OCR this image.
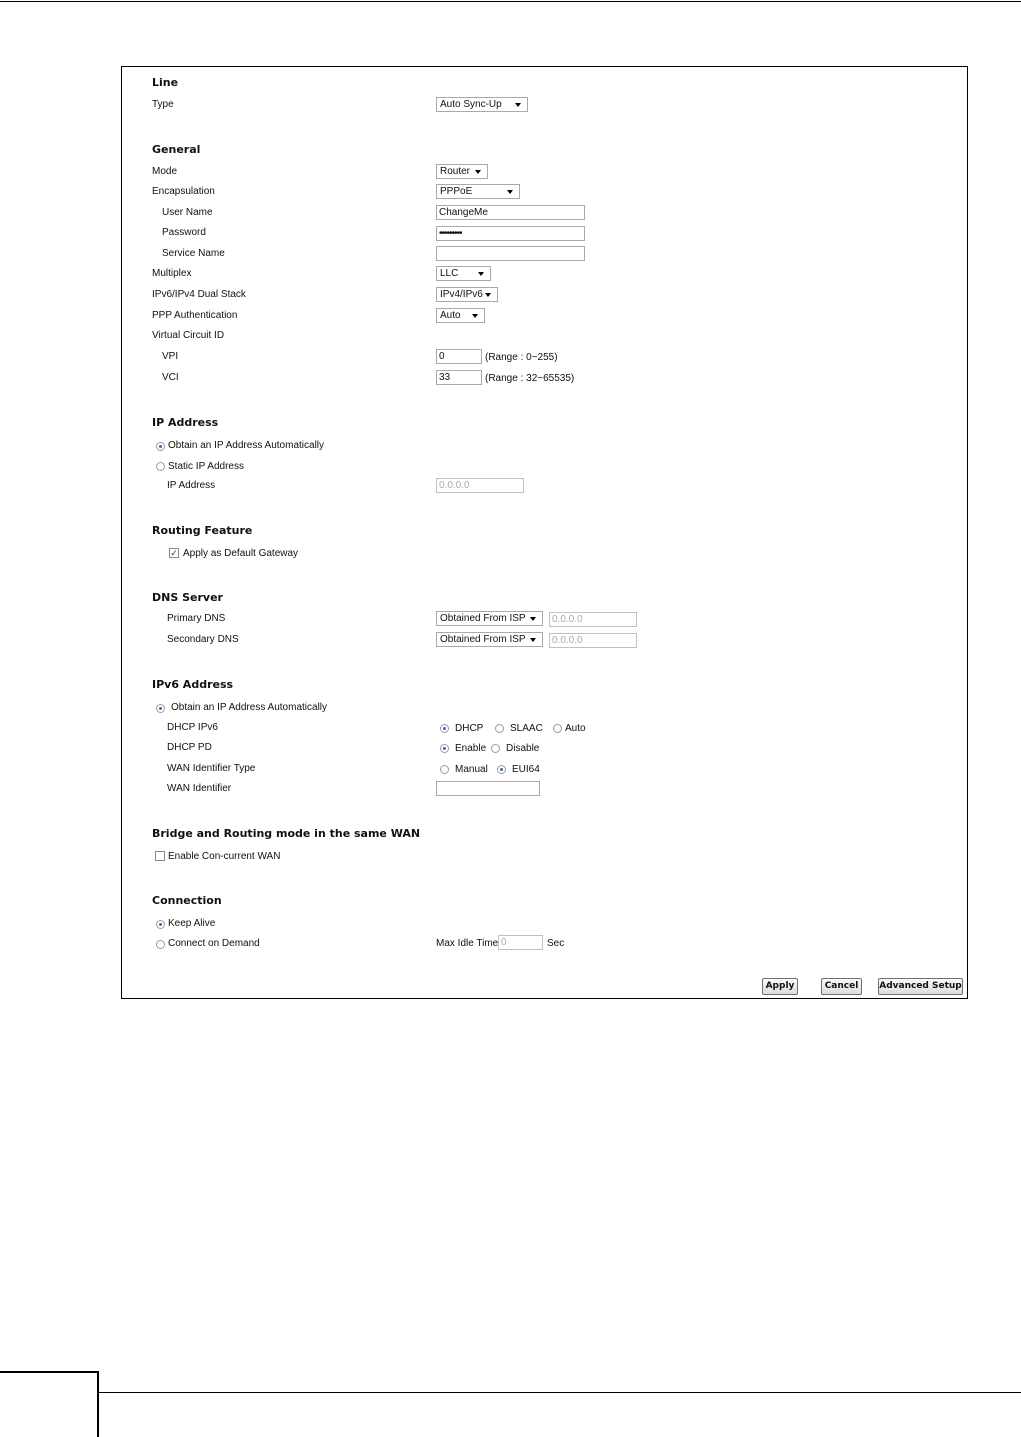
Line
Type	Auto Sync-Up
General
Mode	Router
Encapsulation	PPPoE
User Name	ChangeMe
Password	•••••••••
Service Name
Multiplex	LLC
IPv6/IPv4 Dual Stack	IPv4/IPv6
PPP Authentication	Auto
Virtual Circuit ID
VPI	0	(Range : 0~255)
VCI	33	(Range : 32~65535)
IP Address
Obtain an IP Address Automatically
Static IP Address
IP Address	0.0.0.0
Routing Feature
✓ Apply as Default Gateway
DNS Server
Primary DNS	Obtained From ISP	0.0.0.0
Secondary DNS	Obtained From ISP	0.0.0.0
IPv6 Address
Obtain an IP Address Automatically
DHCP IPv6	DHCP	SLAAC Auto
DHCP PD	Enable Disable
WAN Identifier Type	Manual EUI64
WAN Identifier
Bridge and Routing mode in the same WAN
Enable Con-current WAN
Connection
Keep Alive
Connect on Demand	Max Idle Time 0	Sec
Apply	Cancel	Advanced Setup
